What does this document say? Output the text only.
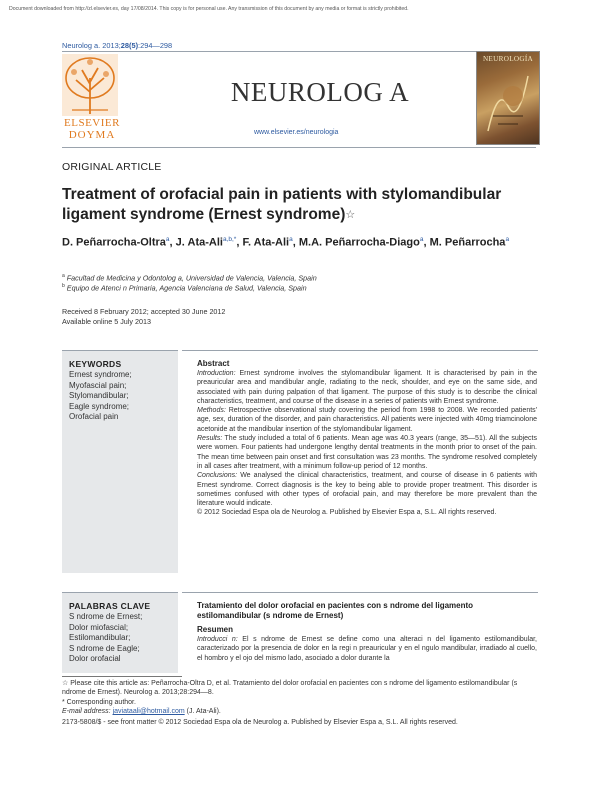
Document downloaded from http://zl.elsevier.es, day 17/08/2014. This copy is for personal use. Any transmission of this document by any media or format is strictly prohibited.
Neurolog a. 2013;28(5):294—298
ELSEVIER
DOYMA
NEUROLOG A
www.elsevier.es/neurologia
NEUROLOGÍA
ORIGINAL ARTICLE
Treatment of orofacial pain in patients with stylomandibular ligament syndrome (Ernest syndrome)☆
D. Peñarrocha-Oltra$^a$, J. Ata-Ali$^{a,b,*}$, F. Ata-Ali$^a$, M.A. Peñarrocha-Diago$^a$, M. Peñarrocha$^a$
$^a$ Facultad de Medicina y Odontolog a, Universidad de Valencia, Valencia, Spain
$^b$ Equipo de Atenci n Primaria, Agencia Valenciana de Salud, Valencia, Spain
Received 8 February 2012; accepted 30 June 2012
Available online 5 July 2013
KEYWORDS
Ernest syndrome;
Myofascial pain;
Stylomandibular;
Eagle syndrome;
Orofacial pain
Abstract

Introduction: Ernest syndrome involves the stylomandibular ligament. It is characterised by pain in the preauricular area and mandibular angle, radiating to the neck, shoulder, and eye on the same side, and associated with pain during palpation of that ligament. The purpose of this study is to describe the clinical characteristics, treatment, and course of the disease in a series of patients with Ernest syndrome.

Methods: Retrospective observational study covering the period from 1998 to 2008. We recorded patients' age, sex, duration of the disorder, and pain characteristics. All patients were injected with 40mg triamcinolone acetonide at the mandibular insertion of the stylomandibular ligament.

Results: The study included a total of 6 patients. Mean age was 40.3 years (range, 35—51). All the subjects were women. Four patients had undergone lengthy dental treatments in the month prior to onset of the pain. The mean time between pain onset and first consultation was 23 months. The syndrome resolved completely in all cases after treatment, with a minimum follow-up period of 12 months.

Conclusions: We analysed the clinical characteristics, treatment, and course of disease in 6 patients with Ernest syndrome. Correct diagnosis is the key to being able to provide proper treatment. This disorder is sometimes confused with other types of orofacial pain, and may therefore be more prevalent than the literature would indicate.

© 2012 Sociedad Espa ola de Neurolog a. Published by Elsevier Espa a, S.L. All rights reserved.

PALABRAS CLAVE
S ndrome de Ernest;
Dolor miofascial;
Estilomandibular;
S ndrome de Eagle;
Dolor orofacial
Tratamiento del dolor orofacial en pacientes con s ndrome del ligamento estilomandibular (s ndrome de Ernest)
Resumen

Introducci n: El s ndrome de Ernest se define como una alteraci n del ligamento estilomandibular, caracterizado por la presencia de dolor en la regi n preauricular y en el ngulo mandibular, irradiado al cuello, el hombro y el ojo del mismo lado, asociado a dolor durante la

☆ Please cite this article as: Peñarrocha-Oltra D, et al. Tratamiento del dolor orofacial en pacientes con s ndrome del ligamento estilomandibular (s ndrome de Ernest). Neurolog a. 2013;28:294—8.
* Corresponding author.
E-mail address: javiataali@hotmail.com (J. Ata-Ali).
2173-5808/$ - see front matter © 2012 Sociedad Espa ola de Neurolog a. Published by Elsevier Espa a, S.L. All rights reserved.
